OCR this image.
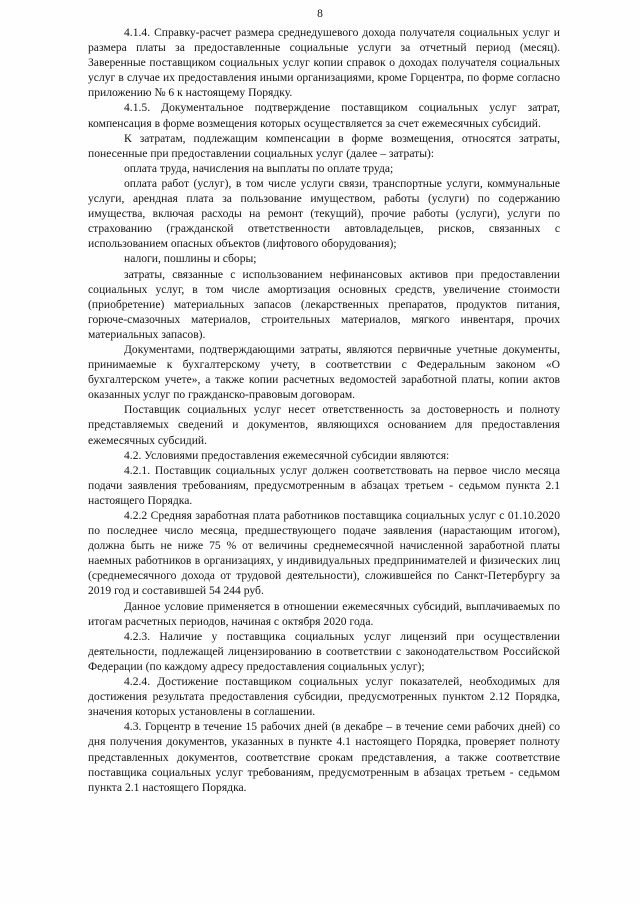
8

4.1.4. Справку-расчет размера среднедушевого дохода получателя социальных услуг и размера платы за предоставленные социальные услуги за отчетный период (месяц). Заверенные поставщиком социальных услуг копии справок о доходах получателя социальных услуг в случае их предоставления иными организациями, кроме Горцентра, по форме согласно приложению № 6 к настоящему Порядку.

4.1.5. Документальное подтверждение поставщиком социальных услуг затрат, компенсация в форме возмещения которых осуществляется за счет ежемесячных субсидий.

К затратам, подлежащим компенсации в форме возмещения, относятся затраты, понесенные при предоставлении социальных услуг (далее – затраты):

оплата труда, начисления на выплаты по оплате труда;

оплата работ (услуг), в том числе услуги связи, транспортные услуги, коммунальные услуги, арендная плата за пользование имуществом, работы (услуги) по содержанию имущества, включая расходы на ремонт (текущий), прочие работы (услуги), услуги по страхованию (гражданской ответственности автовладельцев, рисков, связанных с использованием опасных объектов (лифтового оборудования);

налоги, пошлины и сборы;

затраты, связанные с использованием нефинансовых активов при предоставлении социальных услуг, в том числе амортизация основных средств, увеличение стоимости (приобретение) материальных запасов (лекарственных препаратов, продуктов питания, горюче-смазочных материалов, строительных материалов, мягкого инвентаря, прочих материальных запасов).

Документами, подтверждающими затраты, являются первичные учетные документы, принимаемые к бухгалтерскому учету, в соответствии с Федеральным законом «О бухгалтерском учете», а также копии расчетных ведомостей заработной платы, копии актов оказанных услуг по гражданско-правовым договорам.

Поставщик социальных услуг несет ответственность за достоверность и полноту представляемых сведений и документов, являющихся основанием для предоставления ежемесячных субсидий.

4.2. Условиями предоставления ежемесячной субсидии являются:

4.2.1. Поставщик социальных услуг должен соответствовать на первое число месяца подачи заявления требованиям, предусмотренным в абзацах третьем - седьмом пункта 2.1 настоящего Порядка.

4.2.2 Средняя заработная плата работников поставщика социальных услуг с 01.10.2020 по последнее число месяца, предшествующего подаче заявления (нарастающим итогом), должна быть не ниже 75 % от величины среднемесячной начисленной заработной платы наемных работников в организациях, у индивидуальных предпринимателей и физических лиц (среднемесячного дохода от трудовой деятельности), сложившейся по Санкт-Петербургу за 2019 год и составившей 54 244 руб.

Данное условие применяется в отношении ежемесячных субсидий, выплачиваемых по итогам расчетных периодов, начиная с октября 2020 года.

4.2.3. Наличие у поставщика социальных услуг лицензий при осуществлении деятельности, подлежащей лицензированию в соответствии с законодательством Российской Федерации (по каждому адресу предоставления социальных услуг);

4.2.4. Достижение поставщиком социальных услуг показателей, необходимых для достижения результата предоставления субсидии, предусмотренных пунктом 2.12 Порядка, значения которых установлены в соглашении.

4.3. Горцентр в течение 15 рабочих дней (в декабре – в течение семи рабочих дней) со дня получения документов, указанных в пункте 4.1 настоящего Порядка, проверяет полноту представленных документов, соответствие срокам представления, а также соответствие поставщика социальных услуг требованиям, предусмотренным в абзацах третьем - седьмом пункта 2.1 настоящего Порядка.
